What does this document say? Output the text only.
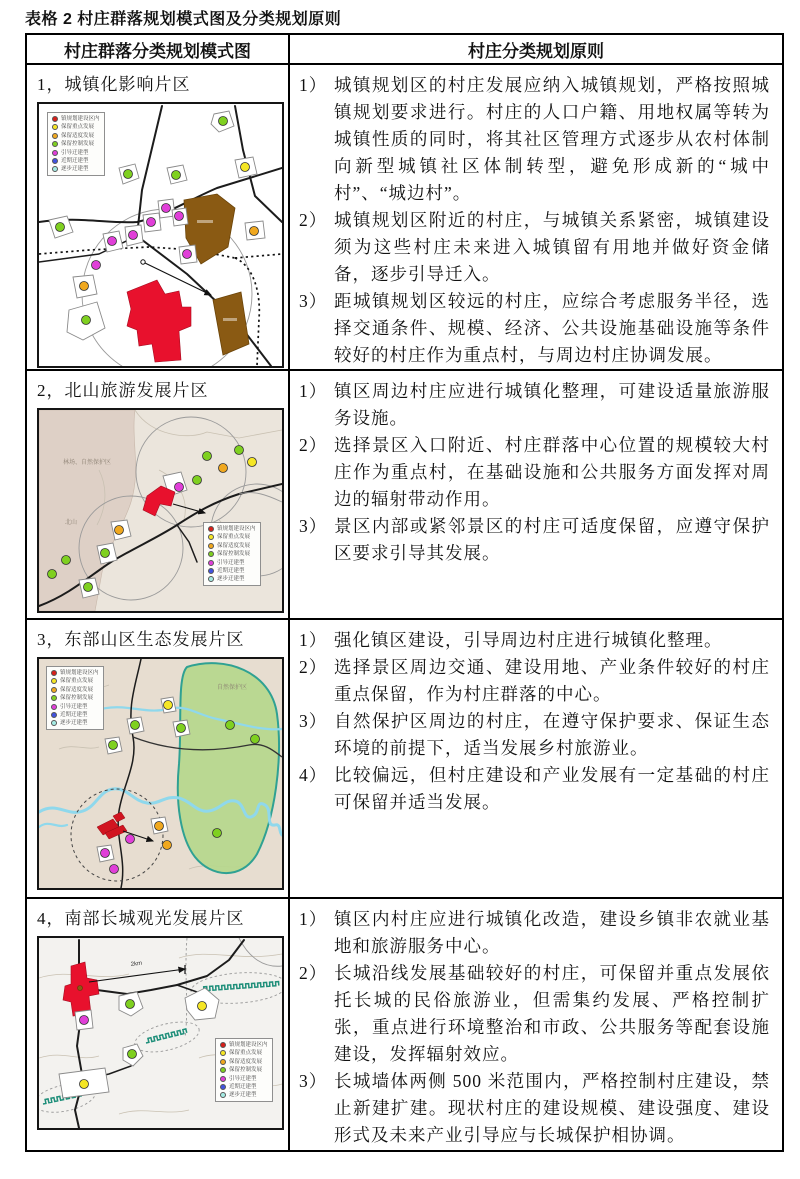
表格 2 村庄群落规划模式图及分类规划原则
村庄群落分类规划模式图	村庄分类规划原则
1，城镇化影响片区
镇规划建设区内
保留重点发展
保留适度发展
保留控制发展
引导迁建型
近期迁建型
逐步迁建型
1） 城镇规划区的村庄发展应纳入城镇规划，严格按照城镇规划要求进行。村庄的人口户籍、用地权属等转为城镇性质的同时，将其社区管理方式逐步从农村体制向新型城镇社区体制转型，避免形成新的“城中村”、“城边村”。
2） 城镇规划区附近的村庄，与城镇关系紧密，城镇建设须为这些村庄未来进入城镇留有用地并做好资金储备，逐步引导迁入。
3） 距城镇规划区较远的村庄，应综合考虑服务半径，选择交通条件、规模、经济、公共设施基础设施等条件较好的村庄作为重点村，与周边村庄协调发展。
2，北山旅游发展片区
林场、自然保护区
北山
镇规划建设区内
保留重点发展
保留适度发展
保留控制发展
引导迁建型
近期迁建型
逐步迁建型
1） 镇区周边村庄应进行城镇化整理，可建设适量旅游服务设施。
2） 选择景区入口附近、村庄群落中心位置的规模较大村庄作为重点村，在基础设施和公共服务方面发挥对周边的辐射带动作用。
3） 景区内部或紧邻景区的村庄可适度保留，应遵守保护区要求引导其发展。
3，东部山区生态发展片区
自然保护区
镇规划建设区内
保留重点发展
保留适度发展
保留控制发展
引导迁建型
近期迁建型
逐步迁建型
1） 强化镇区建设，引导周边村庄进行城镇化整理。
2） 选择景区周边交通、建设用地、产业条件较好的村庄重点保留，作为村庄群落的中心。
3） 自然保护区周边的村庄，在遵守保护要求、保证生态环境的前提下，适当发展乡村旅游业。
4） 比较偏远，但村庄建设和产业发展有一定基础的村庄可保留并适当发展。
4，南部长城观光发展片区
2km
镇规划建设区内
保留重点发展
保留适度发展
保留控制发展
引导迁建型
近期迁建型
逐步迁建型
1） 镇区内村庄应进行城镇化改造，建设乡镇非农就业基地和旅游服务中心。
2） 长城沿线发展基础较好的村庄，可保留并重点发展依托长城的民俗旅游业，但需集约发展、严格控制扩张，重点进行环境整治和市政、公共服务等配套设施建设，发挥辐射效应。
3） 长城墙体两侧 500 米范围内，严格控制村庄建设，禁止新建扩建。现状村庄的建设规模、建设强度、建设形式及未来产业引导应与长城保护相协调。
